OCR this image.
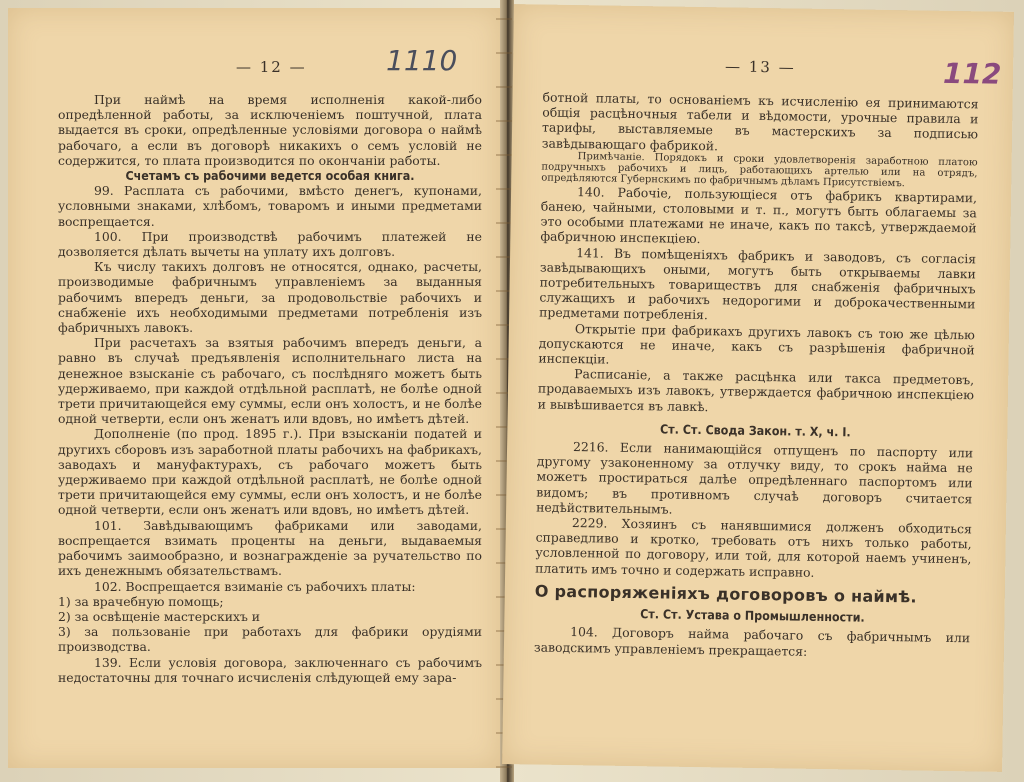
— 12 —	1110

При наймѣ на время исполненія какой-либо опредѣленной работы, за исключеніемъ поштучной, плата выдается въ сроки, опредѣленные условіями договора о наймѣ рабочаго, а если въ договорѣ никакихъ о семъ условій не содержится, то плата производится по окончаніи работы.

Счетамъ съ рабочими ведется особая книга.

99. Расплата съ рабочими, вмѣсто денегъ, купонами, условными знаками, хлѣбомъ, товаромъ и иными предметами воспрещается.

100. При производствѣ рабочимъ платежей не дозволяется дѣлать вычеты на уплату ихъ долговъ.

Къ числу такихъ долговъ не относятся, однако, расчеты, производимые фабричнымъ управленіемъ за выданныя рабочимъ впередъ деньги, за продовольствіе рабочихъ и снабженіе ихъ необходимыми предметами потребленія изъ фабричныхъ лавокъ.

При расчетахъ за взятыя рабочимъ впередъ деньги, а равно въ случаѣ предъявленія исполнительнаго листа на денежное взысканіе съ рабочаго, съ послѣдняго можетъ быть удерживаемо, при каждой отдѣльной расплатѣ, не болѣе одной трети причитающейся ему суммы, если онъ холостъ, и не болѣе одной четверти, если онъ женатъ или вдовъ, но имѣетъ дѣтей.

Дополненіе (по прод. 1895 г.). При взысканіи податей и другихъ сборовъ изъ заработной платы рабочихъ на фабрикахъ, заводахъ и мануфактурахъ, съ рабочаго можетъ быть удерживаемо при каждой отдѣльной расплатѣ, не болѣе одной трети причитающейся ему суммы, если онъ холостъ, и не болѣе одной четверти, если онъ женатъ или вдовъ, но имѣетъ дѣтей.

101. Завѣдывающимъ фабриками или заводами, воспрещается взимать проценты на деньги, выдаваемыя рабочимъ заимообразно, и вознагражденіе за ручательство по ихъ денежнымъ обязательствамъ.

102. Воспрещается взиманіе съ рабочихъ платы:

1) за врачебную помощь;

2) за освѣщеніе мастерскихъ и

3) за пользованіе при работахъ для фабрики орудіями производства.

139. Если условія договора, заключеннаго съ рабочимъ недостаточны для точнаго исчисленія слѣдующей ему зара-

— 13 —	112

ботной платы, то основаніемъ къ исчисленію ея принимаются общія расцѣночныя табели и вѣдомости, урочные правила и тарифы, выставляемые въ мастерскихъ за подписью завѣдывающаго фабрикой.

Примѣчаніе. Порядокъ и сроки удовлетворенія заработною платою подручныхъ рабочихъ и лицъ, работающихъ артелью или на отрядъ, опредѣляются Губернскимъ по фабричнымъ дѣламъ Присутствіемъ.

140. Рабочіе, пользующіеся отъ фабрикъ квартирами, банею, чайными, столовыми и т. п., могутъ быть облагаемы за это особыми платежами не иначе, какъ по таксѣ, утверждаемой фабричною инспекціею.

141. Въ помѣщеніяхъ фабрикъ и заводовъ, съ согласія завѣдывающихъ оными, могутъ быть открываемы лавки потребительныхъ товариществъ для снабженія фабричныхъ служащихъ и рабочихъ недорогими и доброкачественными предметами потребленія.

Открытіе при фабрикахъ другихъ лавокъ съ тою же цѣлью допускаются не иначе, какъ съ разрѣшенія фабричной инспекціи.

Расписаніе, а также расцѣнка или такса предметовъ, продаваемыхъ изъ лавокъ, утверждается фабричною инспекціею и вывѣшивается въ лавкѣ.

Ст. Ст. Свода Закон. т. X, ч. I.

2216. Если нанимающійся отпущенъ по паспорту или другому узаконенному за отлучку виду, то срокъ найма не можетъ простираться далѣе опредѣленнаго паспортомъ или видомъ; въ противномъ случаѣ договоръ считается недѣйствительнымъ.

2229. Хозяинъ съ нанявшимися долженъ обходиться справедливо и кротко, требовать отъ нихъ только работы, условленной по договору, или той, для которой наемъ учиненъ, платить имъ точно и содержать исправно.

О распоряженіяхъ договоровъ о наймѣ.

Ст. Ст. Устава о Промышленности.

104. Договоръ найма рабочаго съ фабричнымъ или заводскимъ управленіемъ прекращается:
